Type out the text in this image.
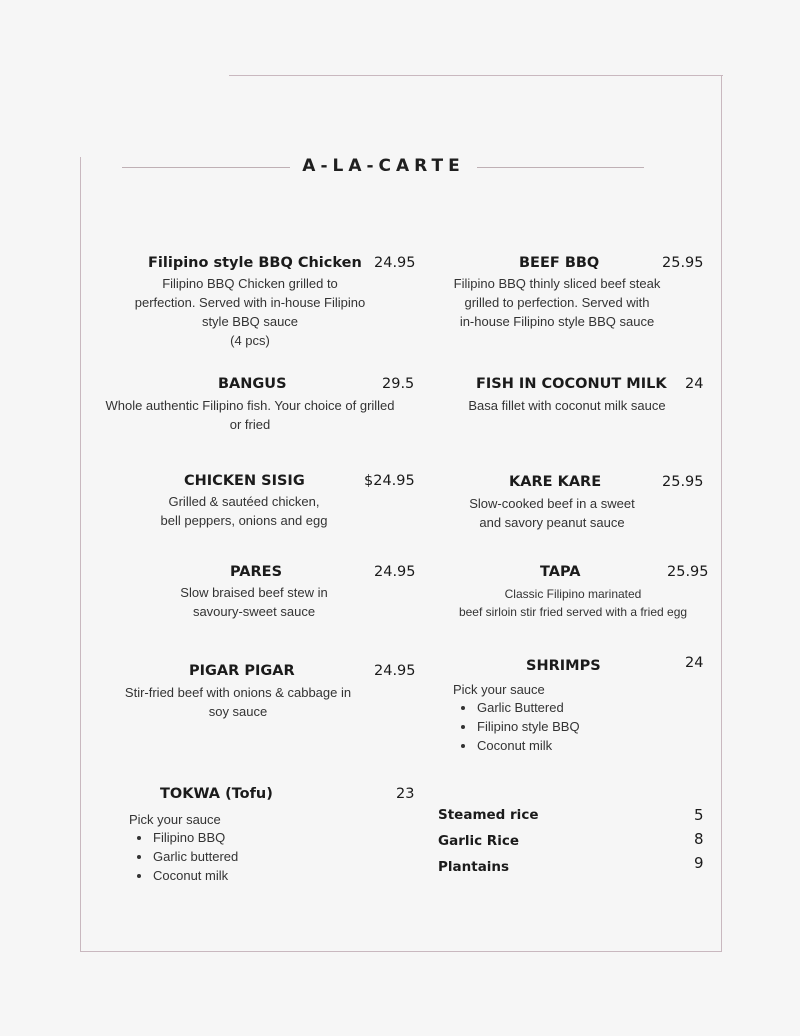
A-LA-CARTE
Filipino style BBQ Chicken 24.95
Filipino BBQ Chicken grilled to
perfection. Served with in-house Filipino
style BBQ sauce
(4 pcs)
BEEF BBQ	25.95
Filipino BBQ thinly sliced beef steak
grilled to perfection. Served with
in-house Filipino style BBQ sauce
BANGUS	29.5
Whole authentic Filipino fish. Your choice of grilled
or fried
FISH IN COCONUT MILK 24
Basa fillet with coconut milk sauce
CHICKEN SISIG	$24.95
Grilled & sautéed chicken,
bell peppers, onions and egg
KARE KARE	25.95
Slow-cooked beef in a sweet
and savory peanut sauce
PARES	24.95
Slow braised beef stew in
savoury-sweet sauce
TAPA	25.95
Classic Filipino marinated
beef sirloin stir fried served with a fried egg
PIGAR PIGAR	24.95
Stir-fried beef with onions & cabbage in
soy sauce
SHRIMPS	24
Pick your sauce
• Garlic Buttered
• Filipino style BBQ
• Coconut milk
TOKWA (Tofu)	23
Pick your sauce
• Filipino BBQ
• Garlic buttered
• Coconut milk
Steamed rice	5
Garlic Rice	8
Plantains	9
